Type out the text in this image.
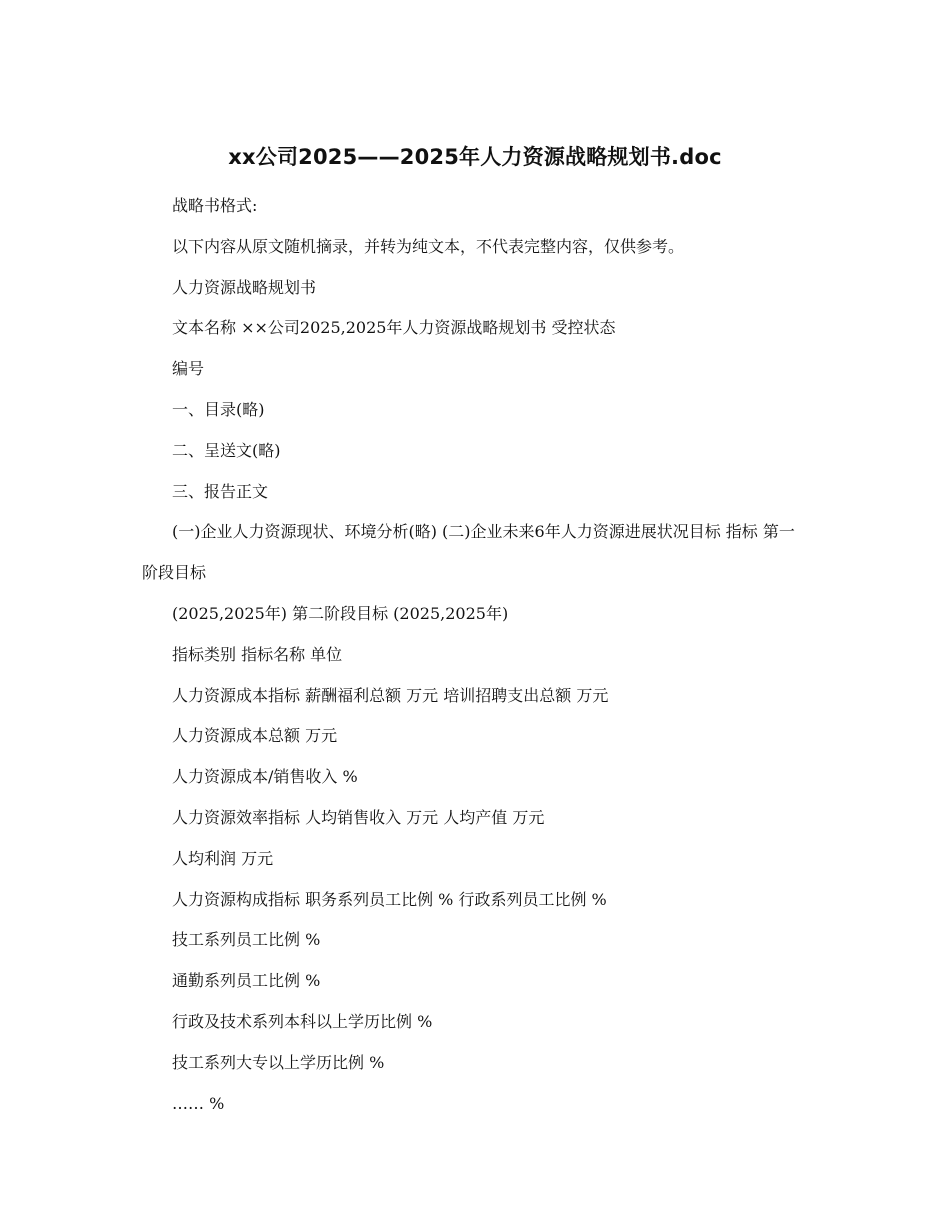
xx公司2025——2025年人力资源战略规划书.doc

战略书格式:

以下内容从原文随机摘录，并转为纯文本，不代表完整内容，仅供参考。

人力资源战略规划书

文本名称 ××公司2025,2025年人力资源战略规划书 受控状态

编号

一、目录(略)

二、呈送文(略)

三、报告正文

(一)企业人力资源现状、环境分析(略) (二)企业未来6年人力资源进展状况目标 指标 第一阶段目标

(2025,2025年) 第二阶段目标 (2025,2025年)

指标类别 指标名称 单位

人力资源成本指标 薪酬福利总额 万元 培训招聘支出总额 万元

人力资源成本总额 万元

人力资源成本/销售收入 %

人力资源效率指标 人均销售收入 万元 人均产值 万元

人均利润 万元

人力资源构成指标 职务系列员工比例 % 行政系列员工比例 %

技工系列员工比例 %

通勤系列员工比例 %

行政及技术系列本科以上学历比例 %

技工系列大专以上学历比例 %

…… %
